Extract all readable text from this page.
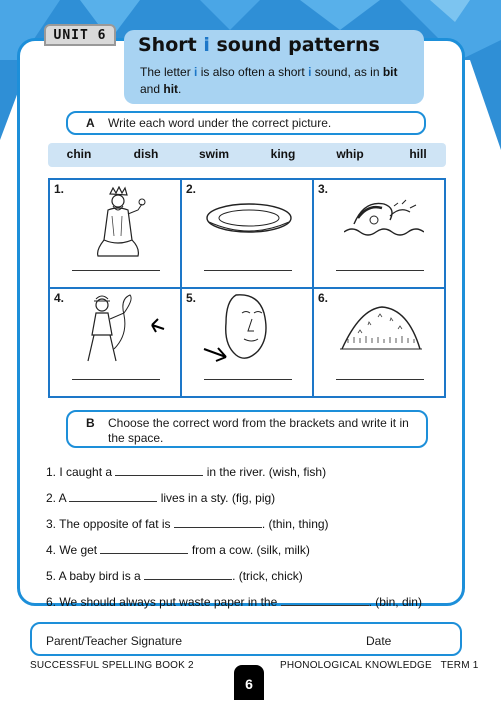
UNIT 6	Short i sound patterns
The letter i is also often a short i sound, as in bit
and hit.
A Write each word under the correct picture.
chin	dish	swim	king	whip	hill
1.	2.	3.
4.	5.	6.
B Choose the correct word from the brackets and write it in the space.
1. I caught a	in the river. (wish, fish)
2. A	lives in a sty. (fig, pig)
3. The opposite of fat is	. (thin, thing)
4. We get	from a cow. (silk, milk)
5. A baby bird is a	. (trick, chick)
6. We should always put waste paper in the	. (bin, din)
Parent/Teacher Signature	Date
SUCCESSFUL SPELLING BOOK 2
6
PHONOLOGICAL KNOWLEDGE   TERM 1
